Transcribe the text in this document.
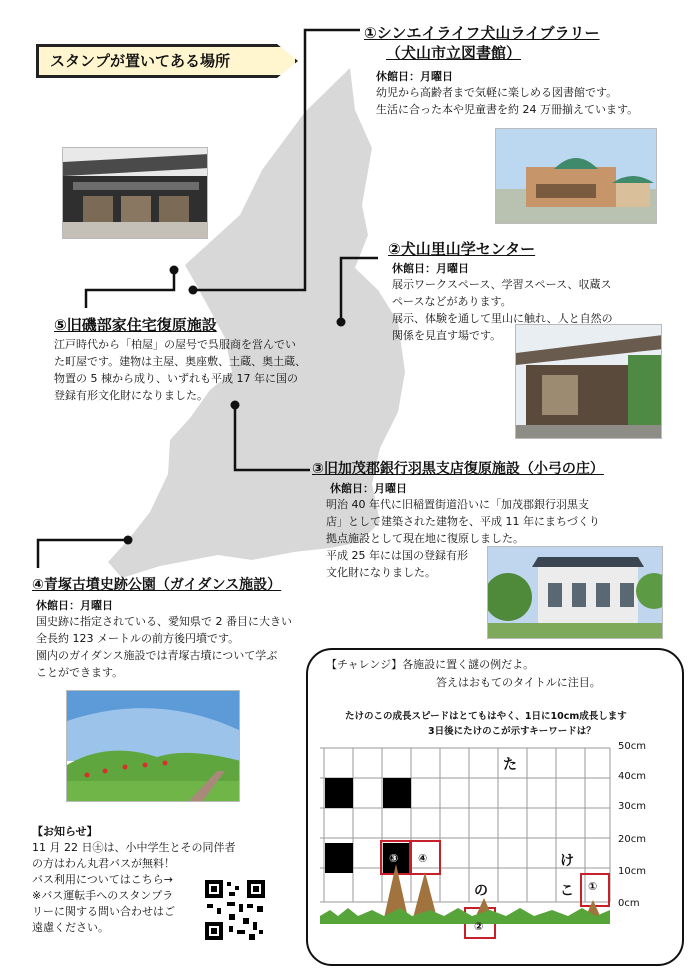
スタンプが置いてある場所
①シンエイライフ犬山ライブラリー
（犬山市立図書館）
休館日：月曜日
幼児から高齢者まで気軽に楽しめる図書館です。
生活に合った本や児童書を約 24 万冊揃えています。
②犬山里山学センター
休館日：月曜日
展示ワークスペース、学習スペース、収蔵ス
ペースなどがあります。
展示、体験を通して里山に触れ、人と自然の
関係を見直す場です。
⑤旧磯部家住宅復原施設
江戸時代から「柏屋」の屋号で呉服商を営んでい
た町屋です。建物は主屋、奥座敷、土蔵、奥土蔵、
物置の 5 棟から成り、いずれも平成 17 年に国の
登録有形文化財になりました。
③旧加茂郡銀行羽黒支店復原施設（小弓の庄）
休館日：月曜日
明治 40 年代に旧稲置街道沿いに「加茂郡銀行羽黒支
店」として建築された建物を、平成 11 年にまちづくり
拠点施設として現在地に復原しました。
平成 25 年には国の登録有形
文化財になりました。
④青塚古墳史跡公園（ガイダンス施設）
休館日：月曜日
国史跡に指定されている、愛知県で 2 番目に大きい
全長約 123 メートルの前方後円墳です。
園内のガイダンス施設では青塚古墳について学ぶ
ことができます。
【チャレンジ】各施設に置く謎の例だよ。
答えはおもてのタイトルに注目。
たけのこの成長スピードはとてもはやく、1日に10cm成長します
3日後にたけのこが示すキーワードは？
た
け
の	こ
③ ④
①
②
50cm
40cm
30cm
20cm
10cm
0cm
【お知らせ】
11 月 22 日㊏は、小中学生とその同伴者
の方はわん丸君バスが無料！
バス利用についてはこちら→
※バス運転手へのスタンプラ
リーに関する問い合わせはご
遠慮ください。
